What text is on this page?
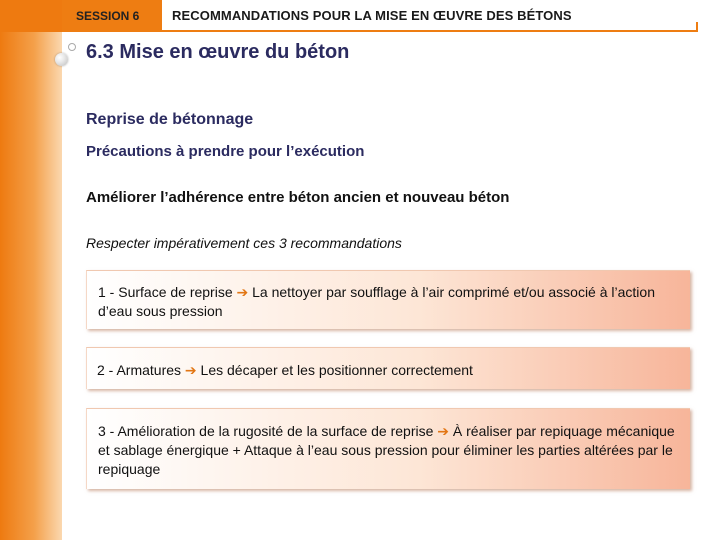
SESSION 6	RECOMMANDATIONS POUR LA MISE EN ŒUVRE DES BÉTONS
6.3 Mise en œuvre du béton
Reprise de bétonnage
Précautions à prendre pour l’exécution
Améliorer l’adhérence entre béton ancien et nouveau béton
Respecter impérativement ces 3 recommandations
1 - Surface de reprise ➔ La nettoyer par soufflage à l’air comprimé et/ou associé à l’action d’eau sous pression
2 - Armatures ➔ Les décaper et les positionner correctement
3 - Amélioration de la rugosité de la surface de reprise ➔ À réaliser par repiquage mécanique et sablage énergique + Attaque à l’eau sous pression pour éliminer les parties altérées par le repiquage
